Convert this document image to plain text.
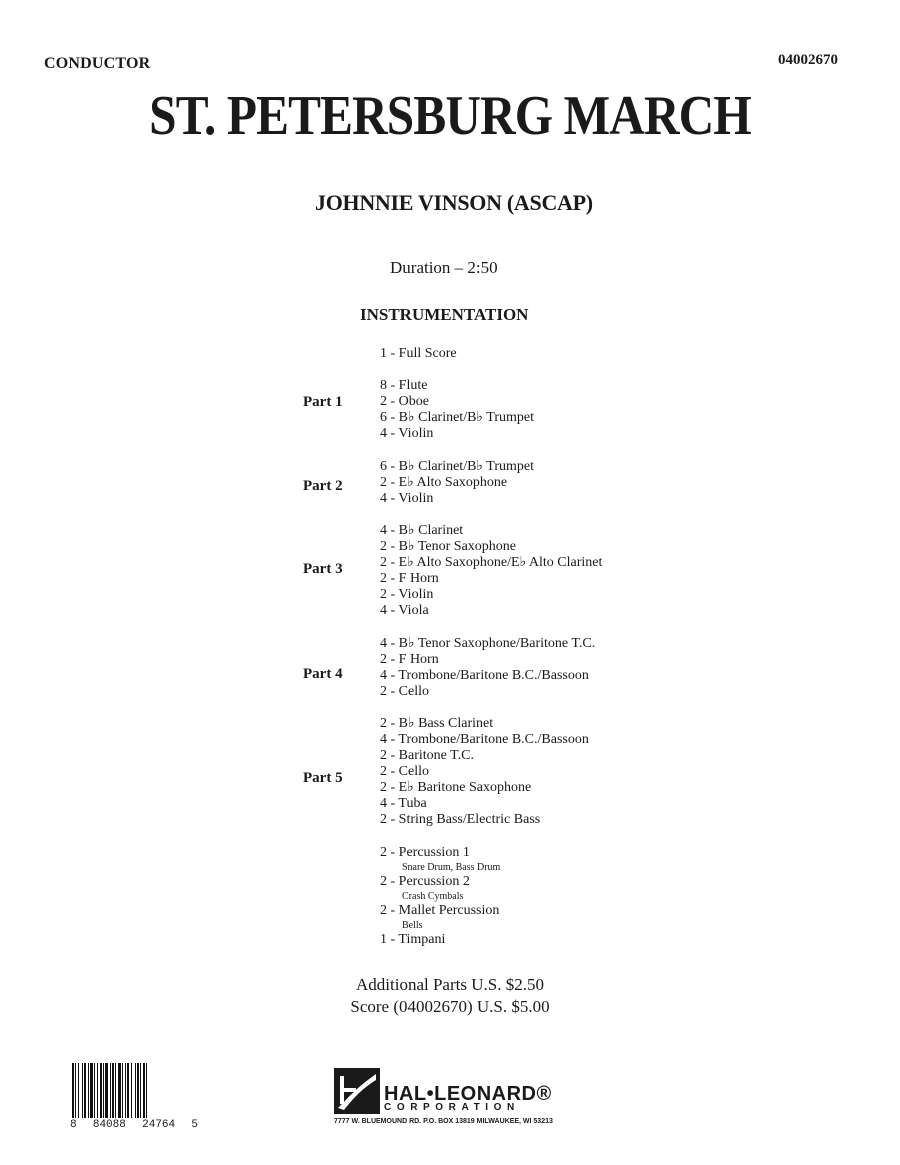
CONDUCTOR	04002670
ST. PETERSBURG MARCH
JOHNNIE VINSON (ASCAP)
Duration – 2:50
INSTRUMENTATION
1 - Full Score
Part 1
8 - Flute
2 - Oboe
6 - B♭ Clarinet/B♭ Trumpet
4 - Violin
Part 2
6 - B♭ Clarinet/B♭ Trumpet
2 - E♭ Alto Saxophone
4 - Violin
Part 3
4 - B♭ Clarinet
2 - B♭ Tenor Saxophone
2 - E♭ Alto Saxophone/E♭ Alto Clarinet
2 - F Horn
2 - Violin
4 - Viola
Part 4
4 - B♭ Tenor Saxophone/Baritone T.C.
2 - F Horn
4 - Trombone/Baritone B.C./Bassoon
2 - Cello
Part 5
2 - B♭ Bass Clarinet
4 - Trombone/Baritone B.C./Bassoon
2 - Baritone T.C.
2 - Cello
2 - E♭ Baritone Saxophone
4 - Tuba
2 - String Bass/Electric Bass
2 - Percussion 1
Snare Drum, Bass Drum
2 - Percussion 2
Crash Cymbals
2 - Mallet Percussion
Bells
1 - Timpani
Additional Parts U.S. $2.50
Score (04002670) U.S. $5.00
8 84088 24764 5
HAL•LEONARD®
CORPORATION
7777 W. BLUEMOUND RD. P.O. BOX 13819 MILWAUKEE, WI 53213
